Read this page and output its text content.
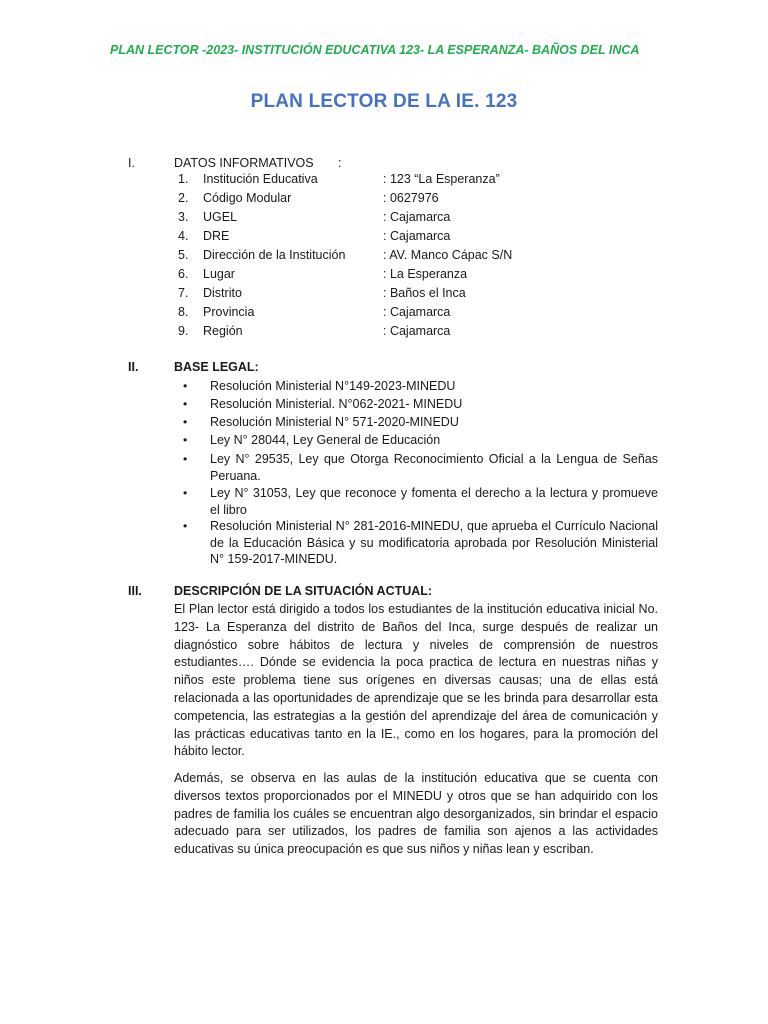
PLAN LECTOR -2023- INSTITUCIÓN EDUCATIVA 123- LA ESPERANZA- BAÑOS DEL INCA
PLAN LECTOR DE LA IE. 123
I.	DATOS INFORMATIVOS :
1.	Institución Educativa	: 123 “La Esperanza”
2.	Código Modular	: 0627976
3.	UGEL	: Cajamarca
4.	DRE	: Cajamarca
5.	Dirección de la Institución	: AV. Manco Cápac S/N
6.	Lugar	: La Esperanza
7.	Distrito	: Baños el Inca
8.	Provincia	: Cajamarca
9.	Región	: Cajamarca
II.	BASE LEGAL:
• Resolución Ministerial N°149-2023-MINEDU
• Resolución Ministerial. N°062-2021- MINEDU
• Resolución Ministerial N° 571-2020-MINEDU
• Ley N° 28044, Ley General de Educación
• Ley N° 29535, Ley que Otorga Reconocimiento Oficial a la Lengua de Señas Peruana.
• Ley N° 31053, Ley que reconoce y fomenta el derecho a la lectura y promueve el libro
• Resolución Ministerial N° 281-2016-MINEDU, que aprueba el Currículo Nacional de la Educación Básica y su modificatoria aprobada por Resolución Ministerial N° 159-2017-MINEDU.
III.	DESCRIPCIÓN DE LA SITUACIÓN ACTUAL:
El Plan lector está dirigido a todos los estudiantes de la institución educativa inicial No. 123- La Esperanza del distrito de Baños del Inca, surge después de realizar un diagnóstico sobre hábitos de lectura y niveles de comprensión de nuestros estudiantes…. Dónde se evidencia la poca practica de lectura en nuestras niñas y niños este problema tiene sus orígenes en diversas causas; una de ellas está relacionada a las oportunidades de aprendizaje que se les brinda para desarrollar esta competencia, las estrategias a la gestión del aprendizaje del área de comunicación y las prácticas educativas tanto en la IE., como en los hogares, para la promoción del hábito lector.
Además, se observa en las aulas de la institución educativa que se cuenta con diversos textos proporcionados por el MINEDU y otros que se han adquirido con los padres de familia los cuáles se encuentran algo desorganizados, sin brindar el espacio adecuado para ser utilizados, los padres de familia son ajenos a las actividades educativas su única preocupación es que sus niños y niñas lean y escriban.
